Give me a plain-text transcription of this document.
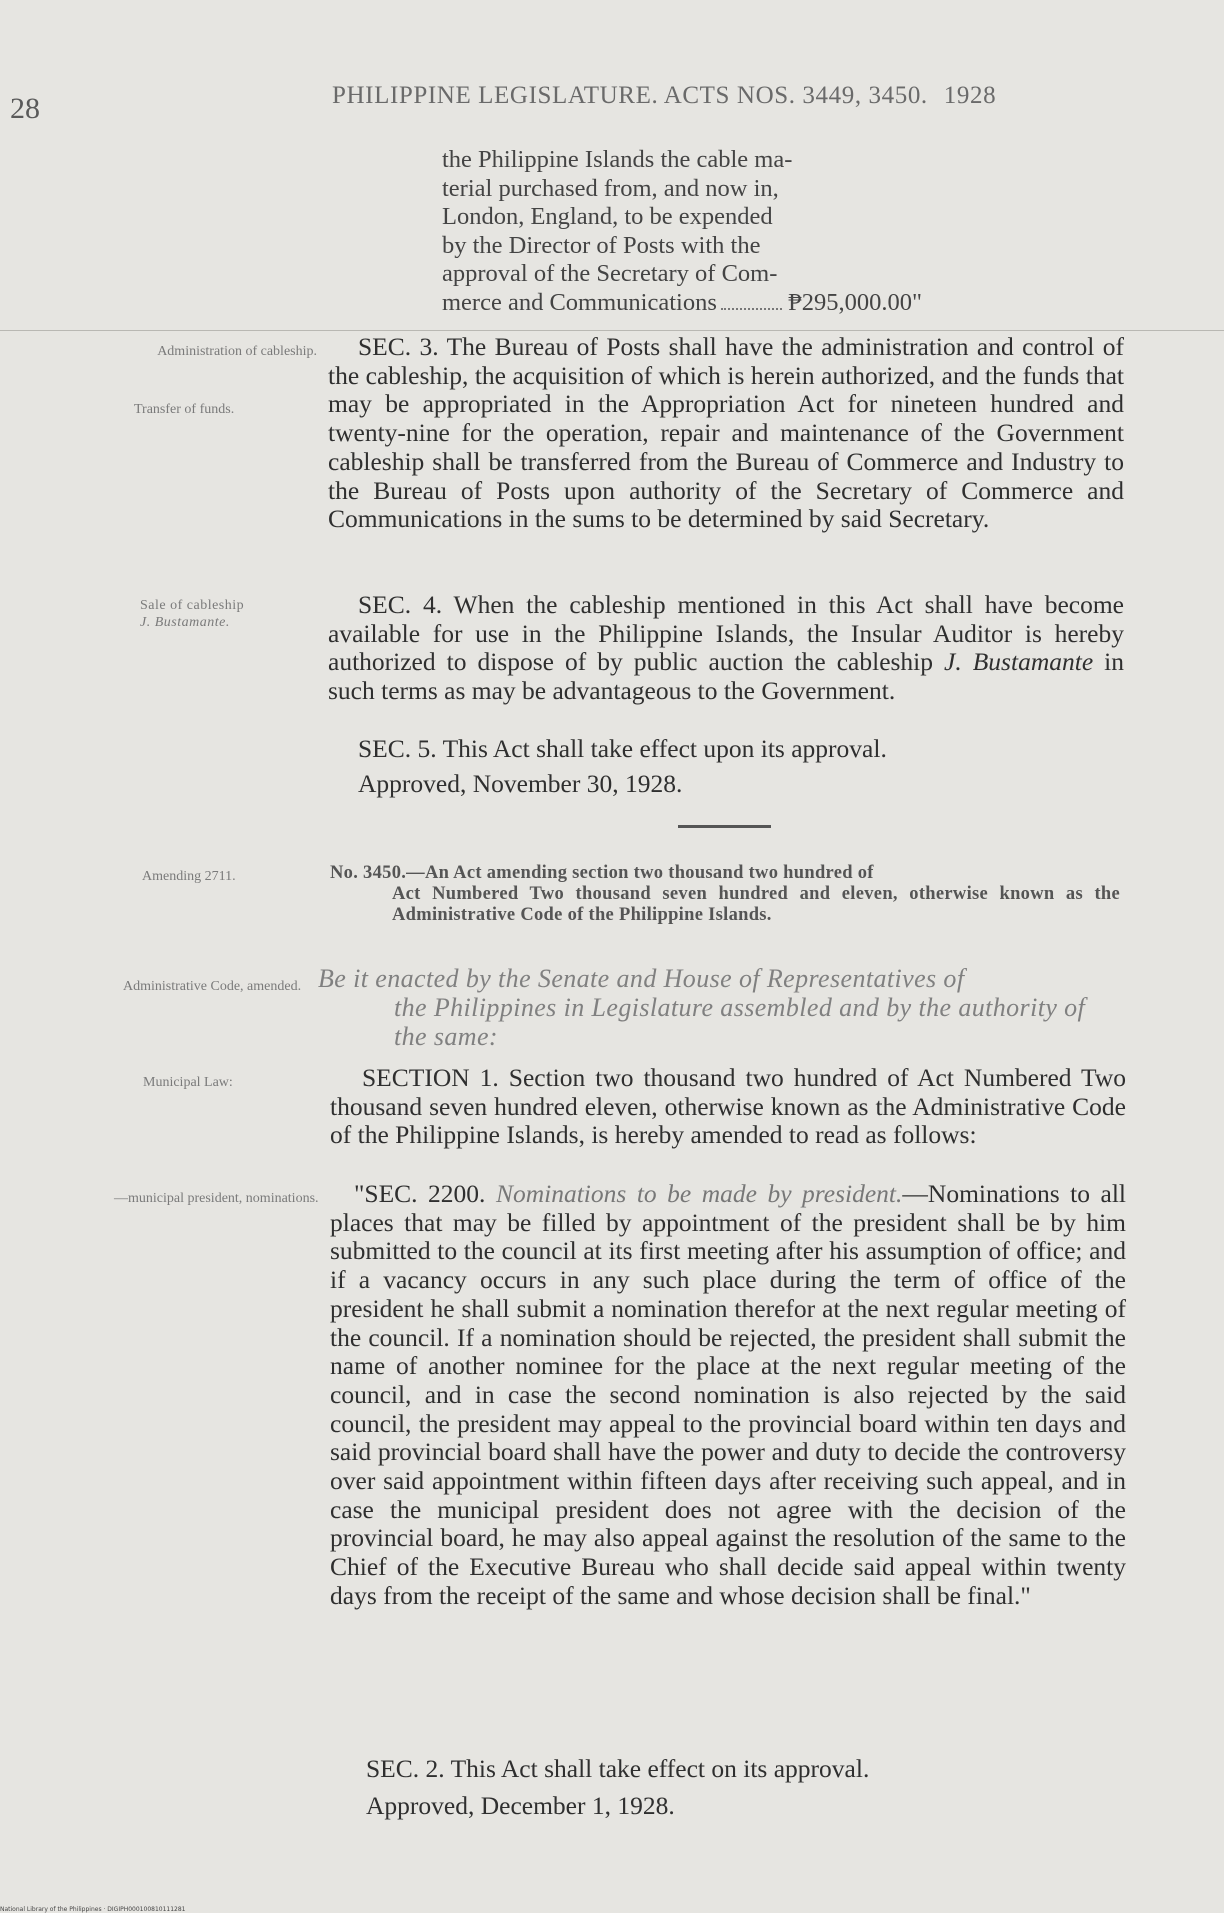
28	PHILIPPINE LEGISLATURE. ACTS NOS. 3449, 3450. 1928

the Philippine Islands the cable ma-

terial purchased from, and now in,

London, England, to be expended

by the Director of Posts with the

approval of the Secretary of Com-

merce and Communications	₱295,000.00"

Administration of cableship.
Transfer of funds.
Sale of cableship
J. Bustamante.
Amending 2711.
Administrative Code, amended.
Municipal Law:
—municipal president, nominations.

SEC. 3. The Bureau of Posts shall have the administration and control of the cableship, the acquisition of which is herein authorized, and the funds that may be appropriated in the Appropriation Act for nineteen hundred and twenty-nine for the operation, repair and maintenance of the Government cableship shall be transferred from the Bureau of Commerce and Industry to the Bureau of Posts upon authority of the Secretary of Commerce and Communications in the sums to be determined by said Secretary.

SEC. 4. When the cableship mentioned in this Act shall have become available for use in the Philippine Islands, the Insular Auditor is hereby authorized to dispose of by public auction the cableship J. Bustamante in such terms as may be advantageous to the Government.

SEC. 5. This Act shall take effect upon its approval.

Approved, November 30, 1928.

No. 3450.—An Act amending section two thousand two hundred of
Act Numbered Two thousand seven hundred and eleven, otherwise known as the Administrative Code of the Philippine Islands.
Be it enacted by the Senate and House of Representatives of
the Philippines in Legislature assembled and by the authority of the same:

SECTION 1. Section two thousand two hundred of Act Numbered Two thousand seven hundred eleven, otherwise known as the Administrative Code of the Philippine Islands, is hereby amended to read as follows:

"SEC. 2200. Nominations to be made by president.—Nominations to all places that may be filled by appointment of the president shall be by him submitted to the council at its first meeting after his assumption of office; and if a vacancy occurs in any such place during the term of office of the president he shall submit a nomination therefor at the next regular meeting of the council. If a nomination should be rejected, the president shall submit the name of another nominee for the place at the next regular meeting of the council, and in case the second nomination is also rejected by the said council, the president may appeal to the provincial board within ten days and said provincial board shall have the power and duty to decide the controversy over said appointment within fifteen days after receiving such appeal, and in case the municipal president does not agree with the decision of the provincial board, he may also appeal against the resolution of the same to the Chief of the Executive Bureau who shall decide said appeal within twenty days from the receipt of the same and whose decision shall be final."

SEC. 2. This Act shall take effect on its approval.

Approved, December 1, 1928.

National Library of the Philippines · DIGIPH000100810111281
